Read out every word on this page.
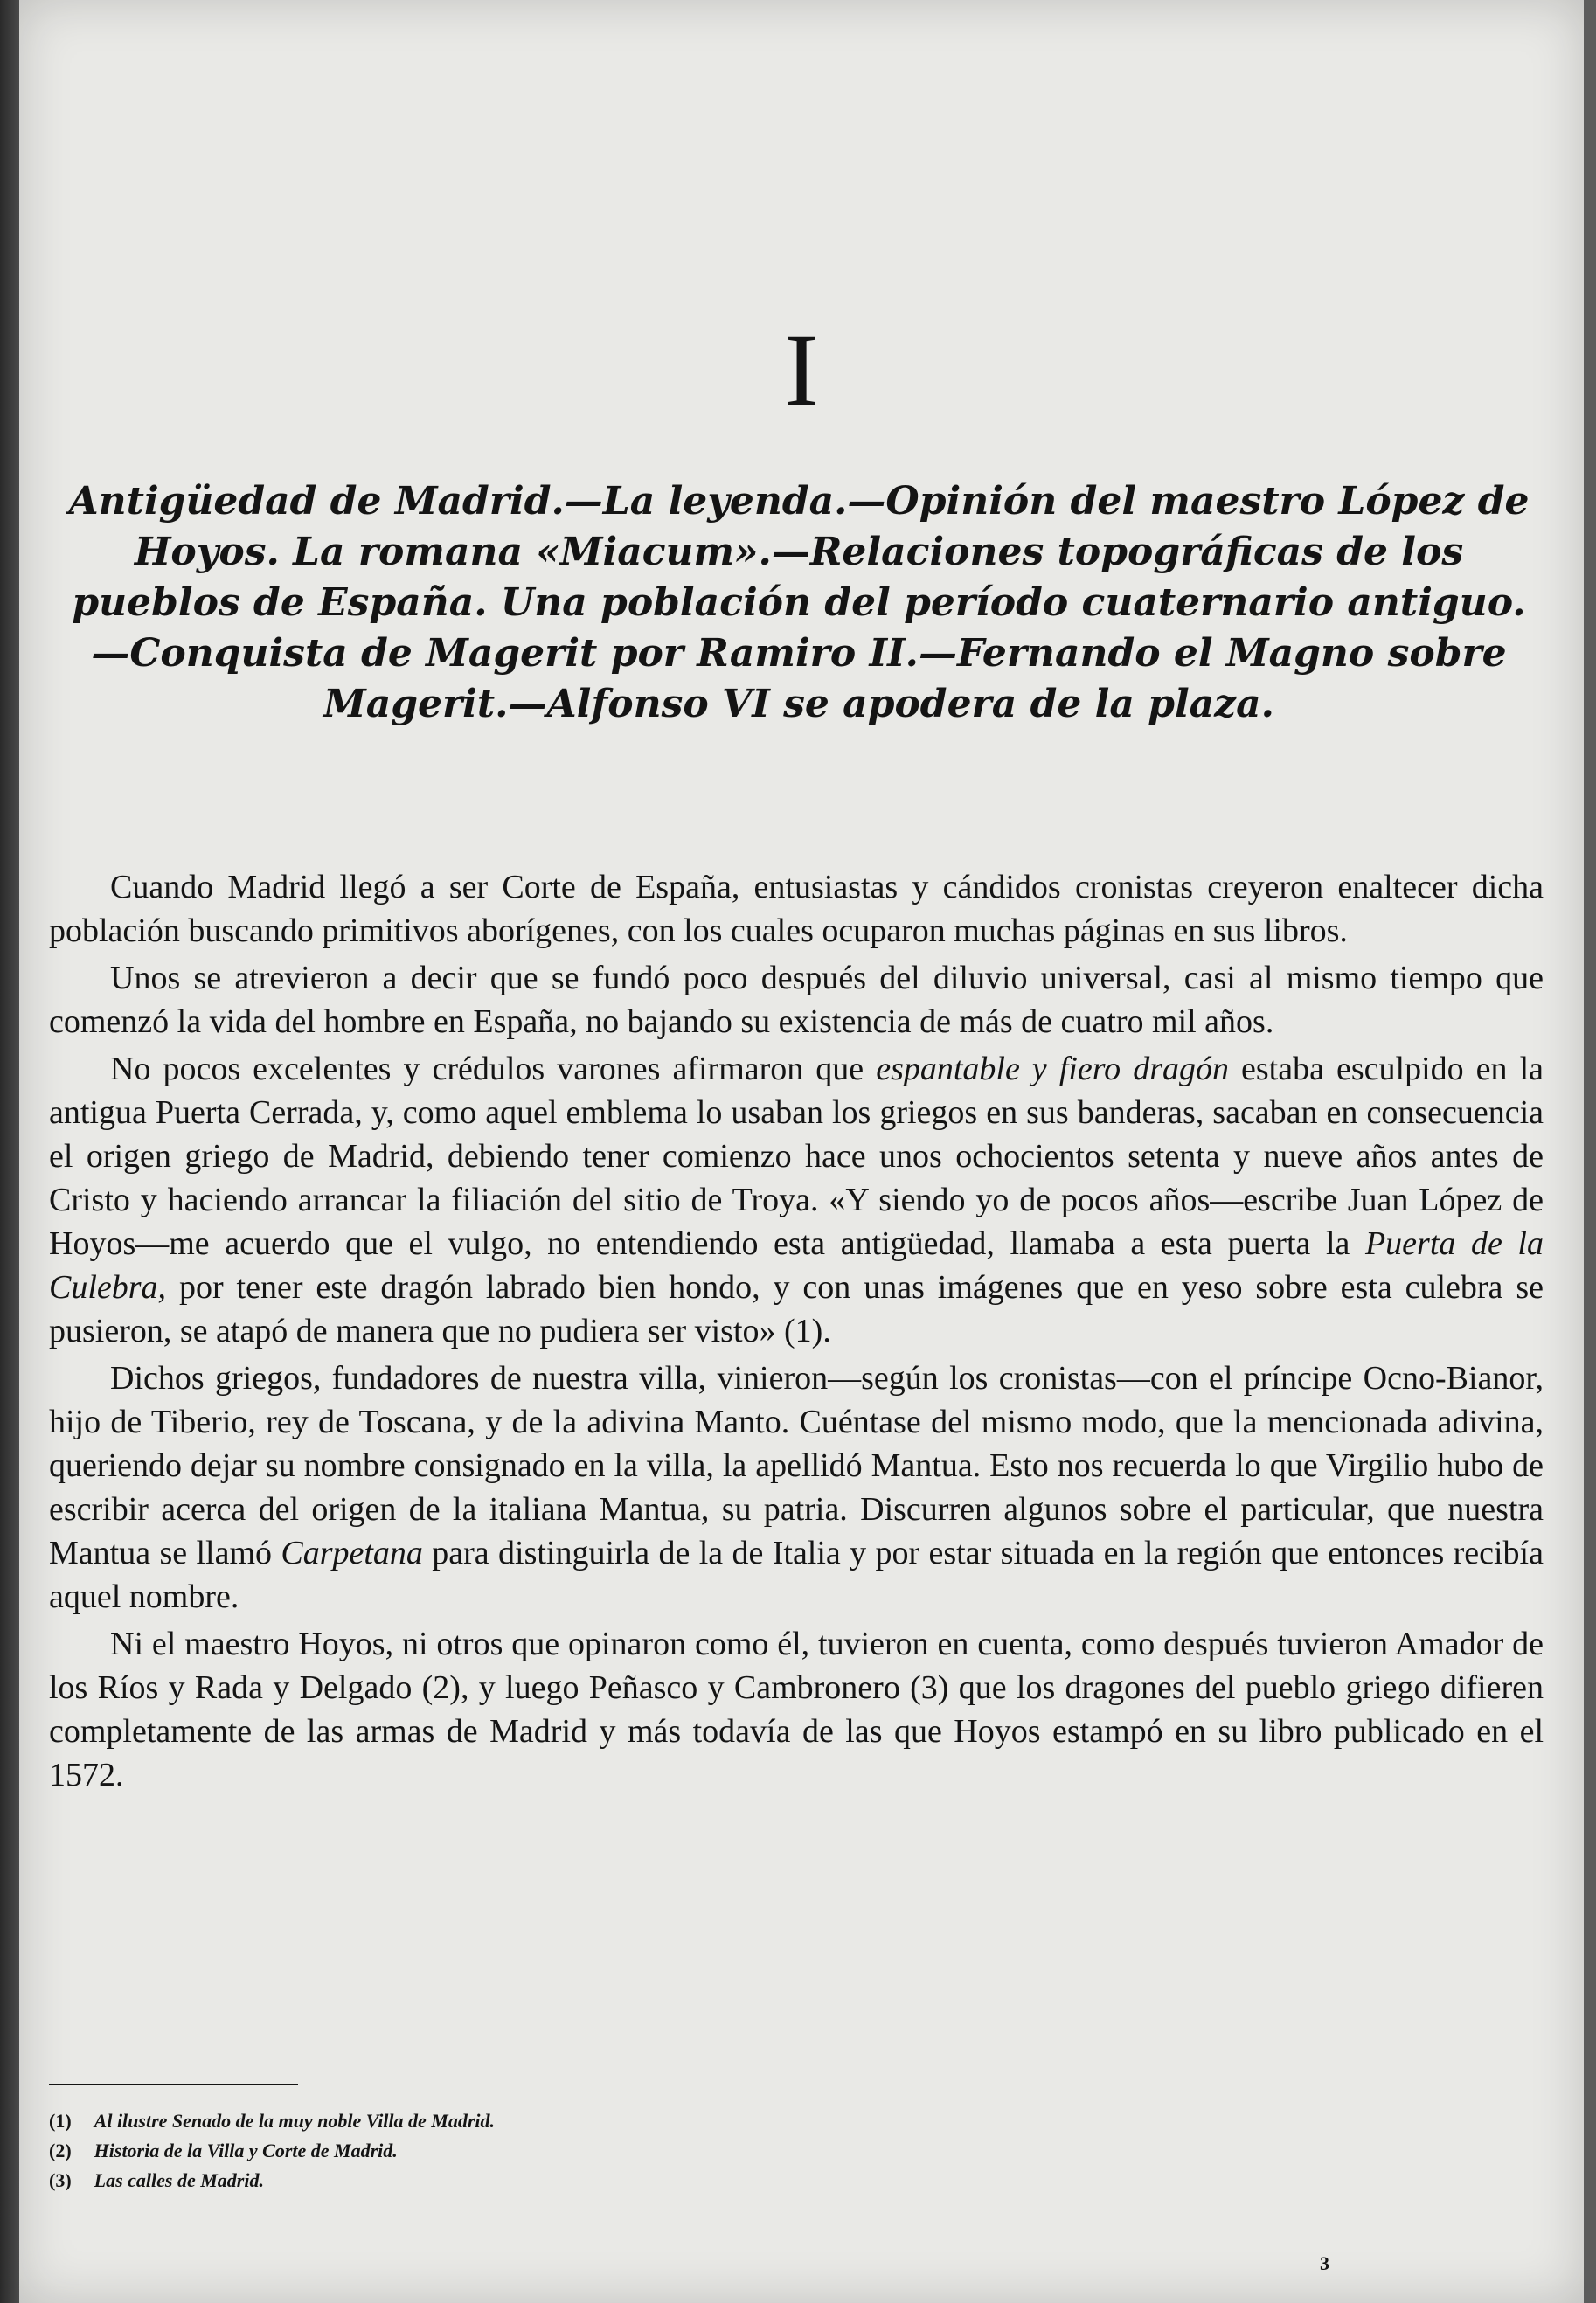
I
Antigüedad de Madrid.—La leyenda.—Opinión del maestro López de Hoyos. La romana «Miacum».—Relaciones topográficas de los pueblos de España. Una población del período cuaternario antiguo.—Conquista de Magerit por Ramiro II.—Fernando el Magno sobre Magerit.—Alfonso VI se apodera de la plaza.

Cuando Madrid llegó a ser Corte de España, entusiastas y cándidos cronistas creyeron enaltecer dicha población buscando primitivos aborígenes, con los cuales ocuparon muchas páginas en sus libros.

Unos se atrevieron a decir que se fundó poco después del diluvio universal, casi al mismo tiempo que comenzó la vida del hombre en España, no bajando su existencia de más de cuatro mil años.

No pocos excelentes y crédulos varones afirmaron que espantable y fiero dragón estaba esculpido en la antigua Puerta Cerrada, y, como aquel emblema lo usaban los griegos en sus banderas, sacaban en consecuencia el origen griego de Madrid, debiendo tener comienzo hace unos ochocientos setenta y nueve años antes de Cristo y haciendo arrancar la filiación del sitio de Troya. «Y siendo yo de pocos años—escribe Juan López de Hoyos—me acuerdo que el vulgo, no entendiendo esta antigüedad, llamaba a esta puerta la Puerta de la Culebra, por tener este dragón labrado bien hondo, y con unas imágenes que en yeso sobre esta culebra se pusieron, se atapó de manera que no pudiera ser visto» (1).

Dichos griegos, fundadores de nuestra villa, vinieron—según los cronistas—con el príncipe Ocno-Bianor, hijo de Tiberio, rey de Toscana, y de la adivina Manto. Cuéntase del mismo modo, que la mencionada adivina, queriendo dejar su nombre consignado en la villa, la apellidó Mantua. Esto nos recuerda lo que Virgilio hubo de escribir acerca del origen de la italiana Mantua, su patria. Discurren algunos sobre el particular, que nuestra Mantua se llamó Carpetana para distinguirla de la de Italia y por estar situada en la región que entonces recibía aquel nombre.

Ni el maestro Hoyos, ni otros que opinaron como él, tuvieron en cuenta, como después tuvieron Amador de los Ríos y Rada y Delgado (2), y luego Peñasco y Cambronero (3) que los dragones del pueblo griego difieren completamente de las armas de Madrid y más todavía de las que Hoyos estampó en su libro publicado en el 1572.

(1) Al ilustre Senado de la muy noble Villa de Madrid.
(2) Historia de la Villa y Corte de Madrid.
(3) Las calles de Madrid.
3
